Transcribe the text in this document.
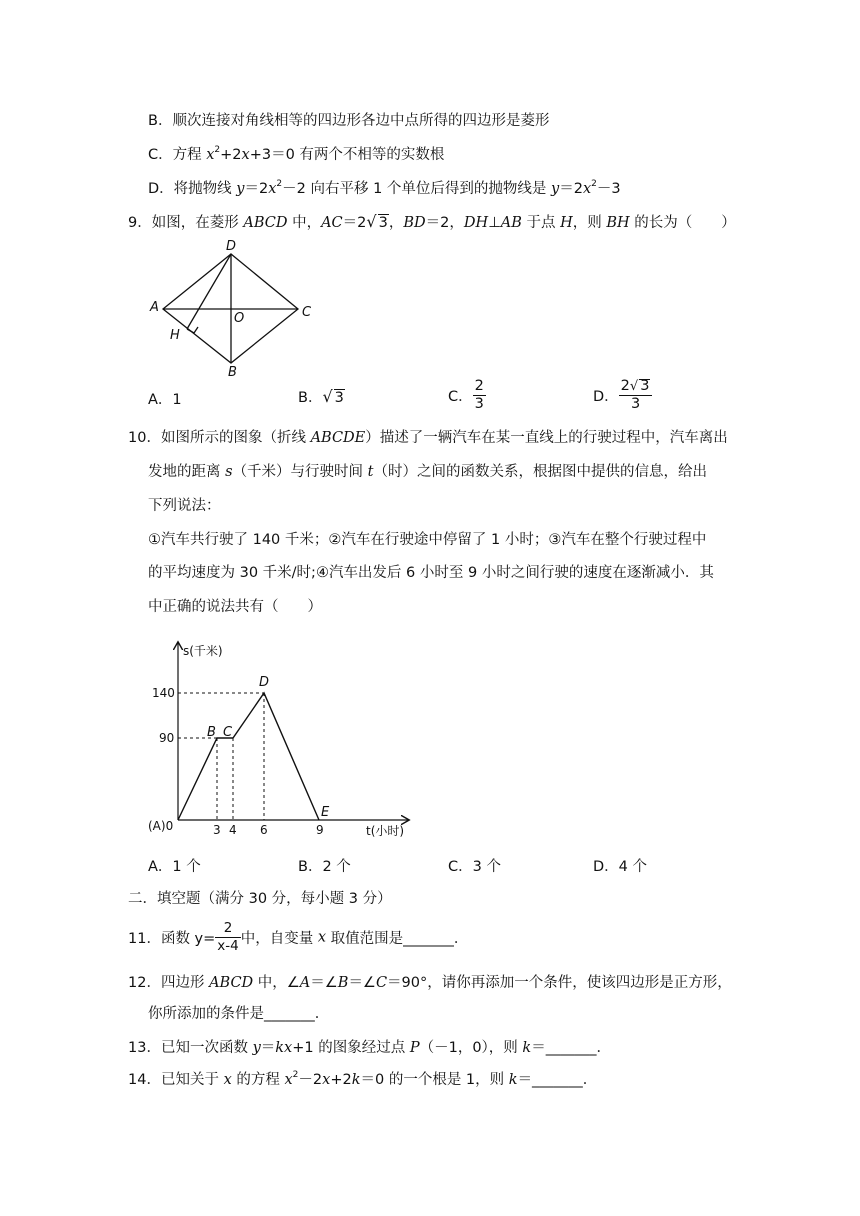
B．顺次连接对角线相等的四边形各边中点所得的四边形是菱形
C．方程 $x^2+2x+3=0$ 有两个不相等的实数根
D．将抛物线 $y=2x^2-2$ 向右平移 1 个单位后得到的抛物线是 $y=2x^2-3$
9．如图，在菱形 ABCD 中，AC＝2√ 3，BD＝2，DH⊥AB 于点 H，则 BH 的长为（　　）
A
D
C
O
H
B
A．1	B．√ 3	C． $\frac{2}{3}$	D． $\frac{2√ 3}{3}$
10．如图所示的图象（折线 ABCDE）描述了一辆汽车在某一直线上的行驶过程中，汽车离出
发地的距离 s（千米）与行驶时间 t（时）之间的函数关系，根据图中提供的信息，给出
下列说法：
①汽车共行驶了 140 千米；②汽车在行驶途中停留了 1 小时；③汽车在整个行驶过程中
的平均速度为 30 千米/时;④汽车出发后 6 小时至 9 小时之间行驶的速度在逐渐减小．其
中正确的说法共有（　　）
s(千米)
t(小时)
140
90
(A)0	3 4 6	9
B C
D
E
A．1 个	B．2 个	C．3 个	D．4 个
二．填空题（满分 30 分，每小题 3 分）
11．函数 $y= \frac{2}{x-4}$ 中，自变量 x 取值范围是_______．
12．四边形 ABCD 中，∠A＝∠B＝∠C＝90°，请你再添加一个条件，使该四边形是正方形，
你所添加的条件是_______．
13．已知一次函数 y＝kx+1 的图象经过点 P（－1，0），则 k＝_______．
14．已知关于 x 的方程 $x^2-2x+2k=0$ 的一个根是 1，则 k＝_______．
